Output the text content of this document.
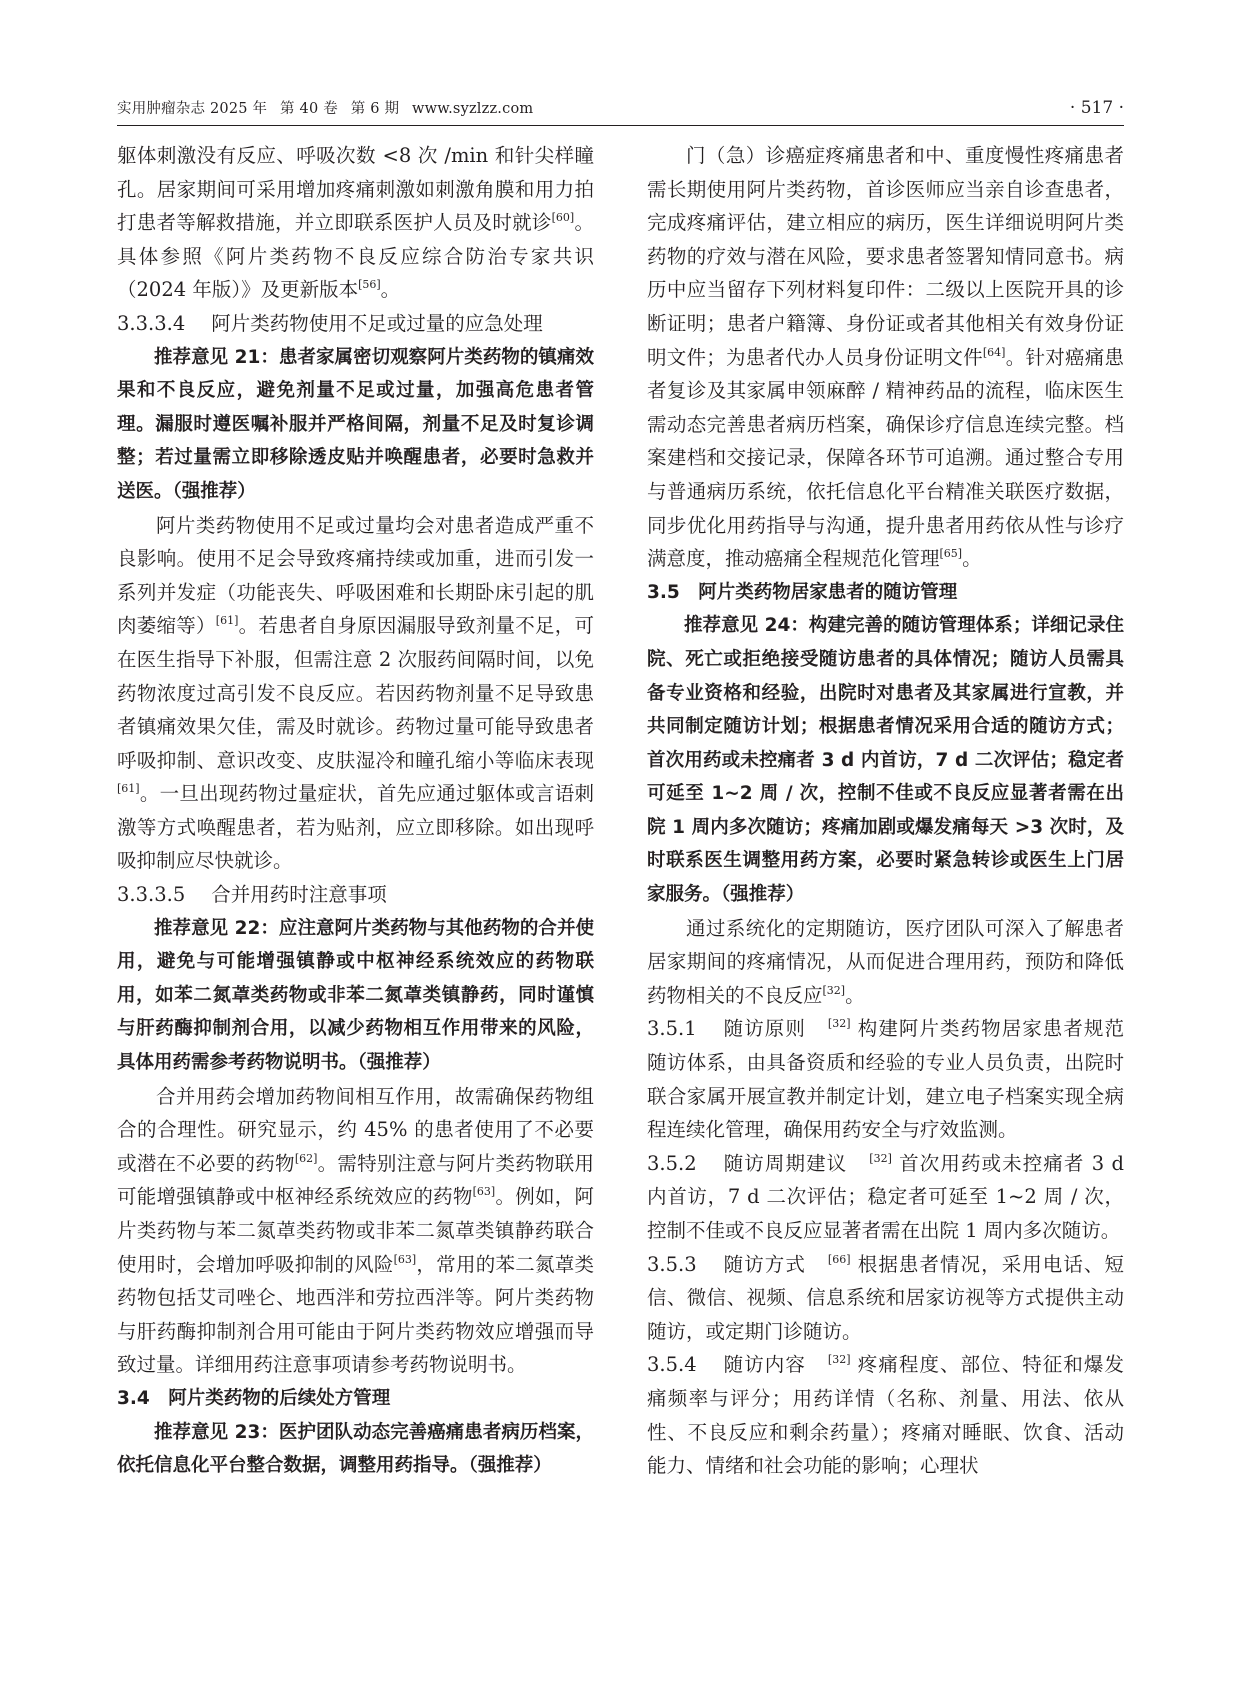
实用肿瘤杂志 2025 年 第 40 卷 第 6 期 www.syzlzz.com	· 517 ·

躯体刺激没有反应、呼吸次数 <8 次 /min 和针尖样瞳孔。居家期间可采用增加疼痛刺激如刺激角膜和用力拍打患者等解救措施，并立即联系医护人员及时就诊[60]。具体参照《阿片类药物不良反应综合防治专家共识（2024 年版）》及更新版本[56]。

3.3.3.4 阿片类药物使用不足或过量的应急处理

推荐意见 21：患者家属密切观察阿片类药物的镇痛效果和不良反应，避免剂量不足或过量，加强高危患者管理。漏服时遵医嘱补服并严格间隔，剂量不足及时复诊调整；若过量需立即移除透皮贴并唤醒患者，必要时急救并送医。（强推荐）

阿片类药物使用不足或过量均会对患者造成严重不良影响。使用不足会导致疼痛持续或加重，进而引发一系列并发症（功能丧失、呼吸困难和长期卧床引起的肌肉萎缩等）[61]。若患者自身原因漏服导致剂量不足，可在医生指导下补服，但需注意 2 次服药间隔时间，以免药物浓度过高引发不良反应。若因药物剂量不足导致患者镇痛效果欠佳，需及时就诊。药物过量可能导致患者呼吸抑制、意识改变、皮肤湿冷和瞳孔缩小等临床表现[61]。一旦出现药物过量症状，首先应通过躯体或言语刺激等方式唤醒患者，若为贴剂，应立即移除。如出现呼吸抑制应尽快就诊。

3.3.3.5 合并用药时注意事项

推荐意见 22：应注意阿片类药物与其他药物的合并使用，避免与可能增强镇静或中枢神经系统效应的药物联用，如苯二氮䓬类药物或非苯二氮䓬类镇静药，同时谨慎与肝药酶抑制剂合用，以减少药物相互作用带来的风险，具体用药需参考药物说明书。（强推荐）

合并用药会增加药物间相互作用，故需确保药物组合的合理性。研究显示，约 45% 的患者使用了不必要或潜在不必要的药物[62]。需特别注意与阿片类药物联用可能增强镇静或中枢神经系统效应的药物[63]。例如，阿片类药物与苯二氮䓬类药物或非苯二氮䓬类镇静药联合使用时，会增加呼吸抑制的风险[63]，常用的苯二氮䓬类药物包括艾司唑仑、地西泮和劳拉西泮等。阿片类药物与肝药酶抑制剂合用可能由于阿片类药物效应增强而导致过量。详细用药注意事项请参考药物说明书。

3.4　阿片类药物的后续处方管理

推荐意见 23：医护团队动态完善癌痛患者病历档案，依托信息化平台整合数据，调整用药指导。（强推荐）

门（急）诊癌症疼痛患者和中、重度慢性疼痛患者需长期使用阿片类药物，首诊医师应当亲自诊查患者，完成疼痛评估，建立相应的病历，医生详细说明阿片类药物的疗效与潜在风险，要求患者签署知情同意书。病历中应当留存下列材料复印件：二级以上医院开具的诊断证明；患者户籍簿、身份证或者其他相关有效身份证明文件；为患者代办人员身份证明文件[64]。针对癌痛患者复诊及其家属申领麻醉 / 精神药品的流程，临床医生需动态完善患者病历档案，确保诊疗信息连续完整。档案建档和交接记录，保障各环节可追溯。通过整合专用与普通病历系统，依托信息化平台精准关联医疗数据，同步优化用药指导与沟通，提升患者用药依从性与诊疗满意度，推动癌痛全程规范化管理[65]。

3.5　阿片类药物居家患者的随访管理

推荐意见 24：构建完善的随访管理体系；详细记录住院、死亡或拒绝接受随访患者的具体情况；随访人员需具备专业资格和经验，出院时对患者及其家属进行宣教，并共同制定随访计划；根据患者情况采用合适的随访方式；首次用药或未控痛者 3 d 内首访，7 d 二次评估；稳定者可延至 1~2 周 / 次，控制不佳或不良反应显著者需在出院 1 周内多次随访；疼痛加剧或爆发痛每天 >3 次时，及时联系医生调整用药方案，必要时紧急转诊或医生上门居家服务。（强推荐）

通过系统化的定期随访，医疗团队可深入了解患者居家期间的疼痛情况，从而促进合理用药，预防和降低药物相关的不良反应[32]。

3.5.1 随访原则 [32] 构建阿片类药物居家患者规范随访体系，由具备资质和经验的专业人员负责，出院时联合家属开展宣教并制定计划，建立电子档案实现全病程连续化管理，确保用药安全与疗效监测。

3.5.2 随访周期建议 [32] 首次用药或未控痛者 3 d 内首访，7 d 二次评估；稳定者可延至 1~2 周 / 次，控制不佳或不良反应显著者需在出院 1 周内多次随访。

3.5.3 随访方式 [66] 根据患者情况，采用电话、短信、微信、视频、信息系统和居家访视等方式提供主动随访，或定期门诊随访。

3.5.4 随访内容 [32] 疼痛程度、部位、特征和爆发痛频率与评分；用药详情（名称、剂量、用法、依从性、不良反应和剩余药量）；疼痛对睡眠、饮食、活动能力、情绪和社会功能的影响；心理状
